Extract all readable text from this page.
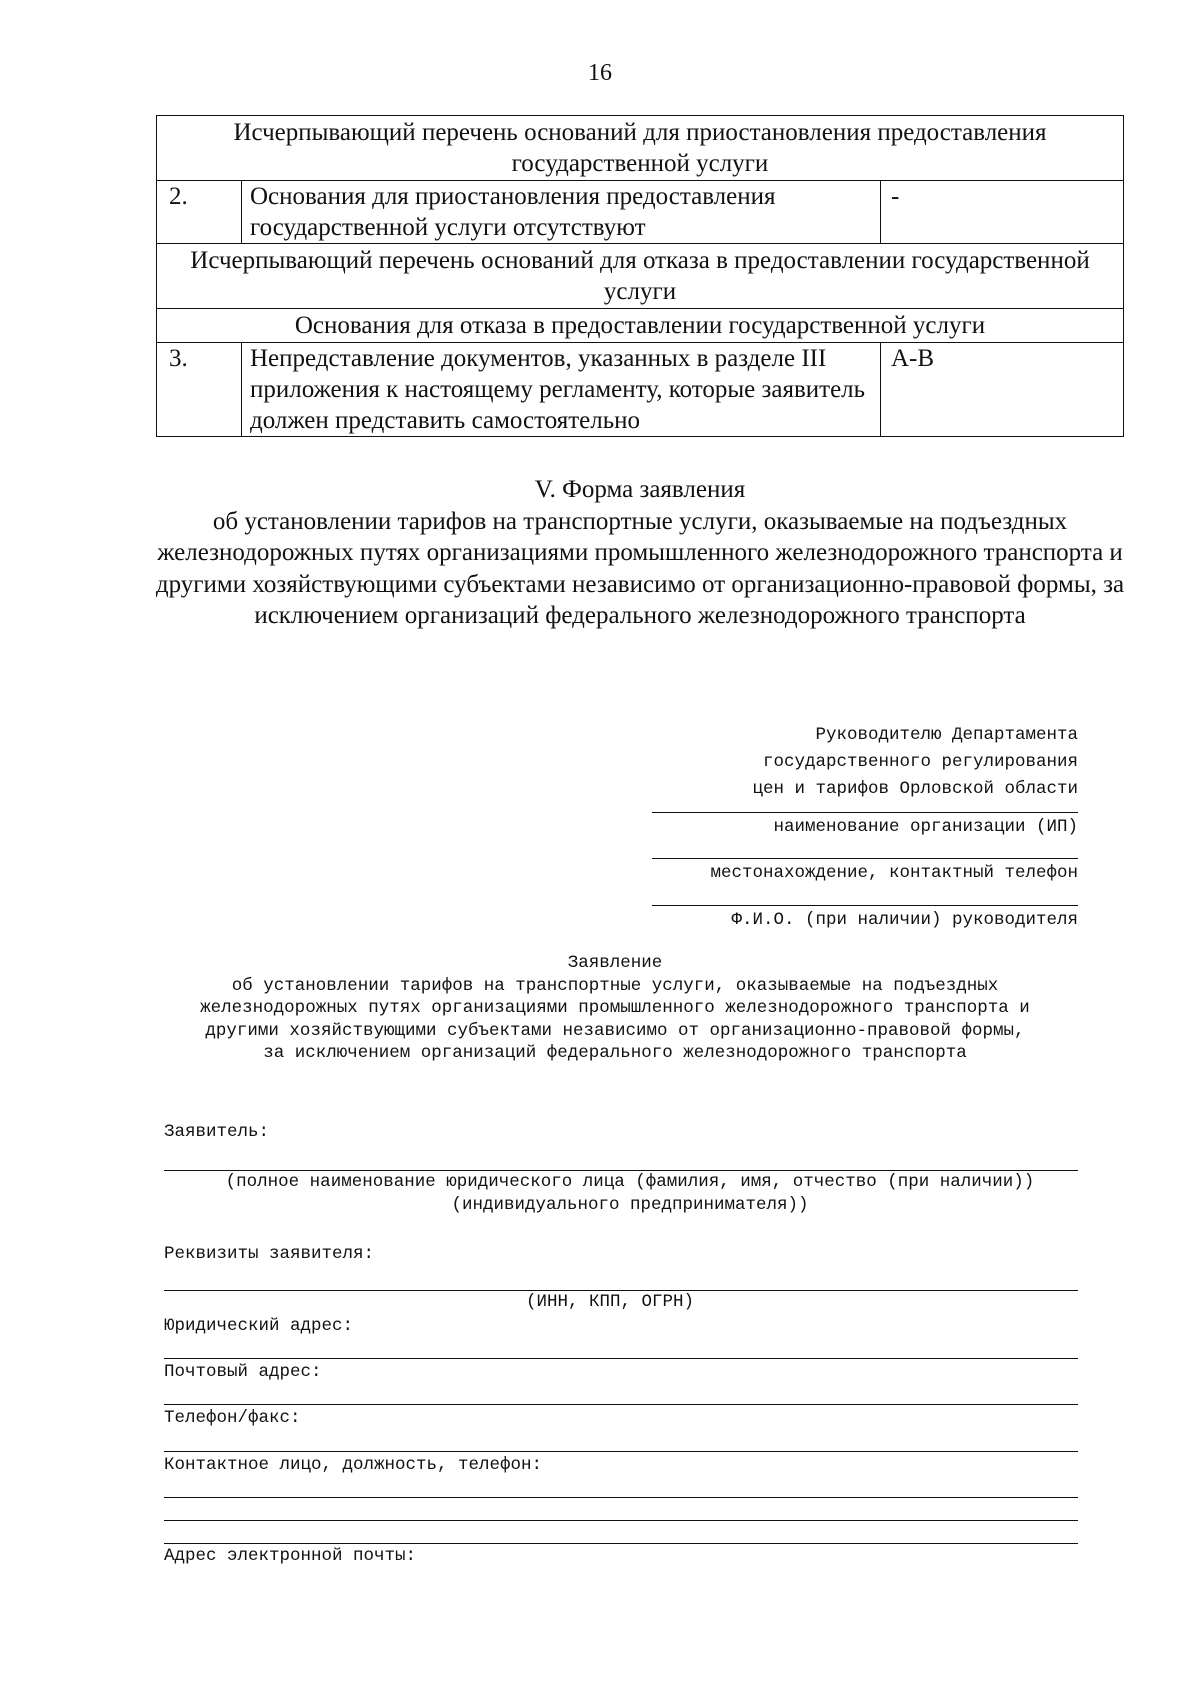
16
Исчерпывающий перечень оснований для приостановления предоставления государственной услуги		
2.	Основания для приостановления предоставления государственной услуги отсутствуют	-
Исчерпывающий перечень оснований для отказа в предоставлении государственной услуги		
Основания для отказа в предоставлении государственной услуги		
3.	Непредставление документов, указанных в разделе III приложения к настоящему регламенту, которые заявитель должен представить самостоятельно	А-В
V. Форма заявления
об установлении тарифов на транспортные услуги, оказываемые на подъездных железнодорожных путях организациями промышленного железнодорожного транспорта и другими хозяйствующими субъектами независимо от организационно-правовой формы, за исключением организаций федерального железнодорожного транспорта
Руководителю Департамента
государственного регулирования
цен и тарифов Орловской области
наименование организации (ИП)
местонахождение, контактный телефон
Ф.И.О. (при наличии) руководителя
Заявление
об установлении тарифов на транспортные услуги, оказываемые на подъездных железнодорожных путях организациями промышленного железнодорожного транспорта и другими хозяйствующими субъектами независимо от организационно-правовой формы, за исключением организаций федерального железнодорожного транспорта
Заявитель:
(полное наименование юридического лица (фамилия, имя, отчество (при наличии)) (индивидуального предпринимателя))
Реквизиты заявителя:
(ИНН, КПП, ОГРН)
Юридический адрес:
Почтовый адрес:
Телефон/факс:
Контактное лицо, должность, телефон:
Адрес электронной почты:
